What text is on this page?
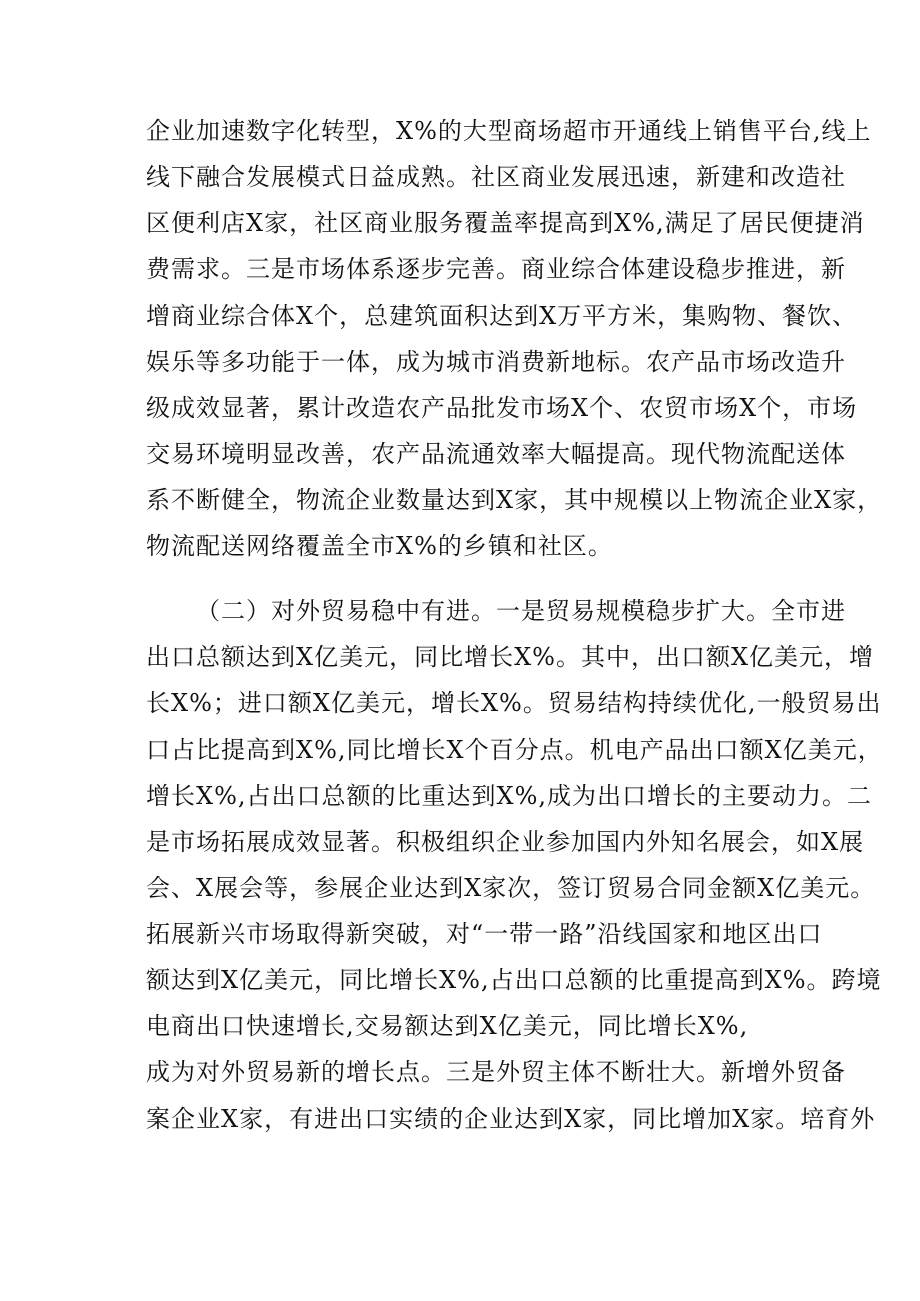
企业加速数字化转型，X%的大型商场超市开通线上销售平台,线上
线下融合发展模式日益成熟。社区商业发展迅速，新建和改造社
区便利店X家，社区商业服务覆盖率提高到X%,满足了居民便捷消
费需求。三是市场体系逐步完善。商业综合体建设稳步推进，新
增商业综合体X个，总建筑面积达到X万平方米，集购物、餐饮、
娱乐等多功能于一体，成为城市消费新地标。农产品市场改造升
级成效显著，累计改造农产品批发市场X个、农贸市场X个，市场
交易环境明显改善，农产品流通效率大幅提高。现代物流配送体
系不断健全，物流企业数量达到X家，其中规模以上物流企业X家，
物流配送网络覆盖全市X%的乡镇和社区。
（二）对外贸易稳中有进。一是贸易规模稳步扩大。全市进
出口总额达到X亿美元，同比增长X%。其中，出口额X亿美元，增
长X%；进口额X亿美元，增长X%。贸易结构持续优化,一般贸易出
口占比提高到X%,同比增长X个百分点。机电产品出口额X亿美元，
增长X%,占出口总额的比重达到X%,成为出口增长的主要动力。二
是市场拓展成效显著。积极组织企业参加国内外知名展会，如X展
会、X展会等，参展企业达到X家次，签订贸易合同金额X亿美元。
拓展新兴市场取得新突破，对“一带一路”沿线国家和地区出口
额达到X亿美元，同比增长X%,占出口总额的比重提高到X%。跨境
电商出口快速增长,交易额达到X亿美元，同比增长X%,
成为对外贸易新的增长点。三是外贸主体不断壮大。新增外贸备
案企业X家，有进出口实绩的企业达到X家，同比增加X家。培育外
